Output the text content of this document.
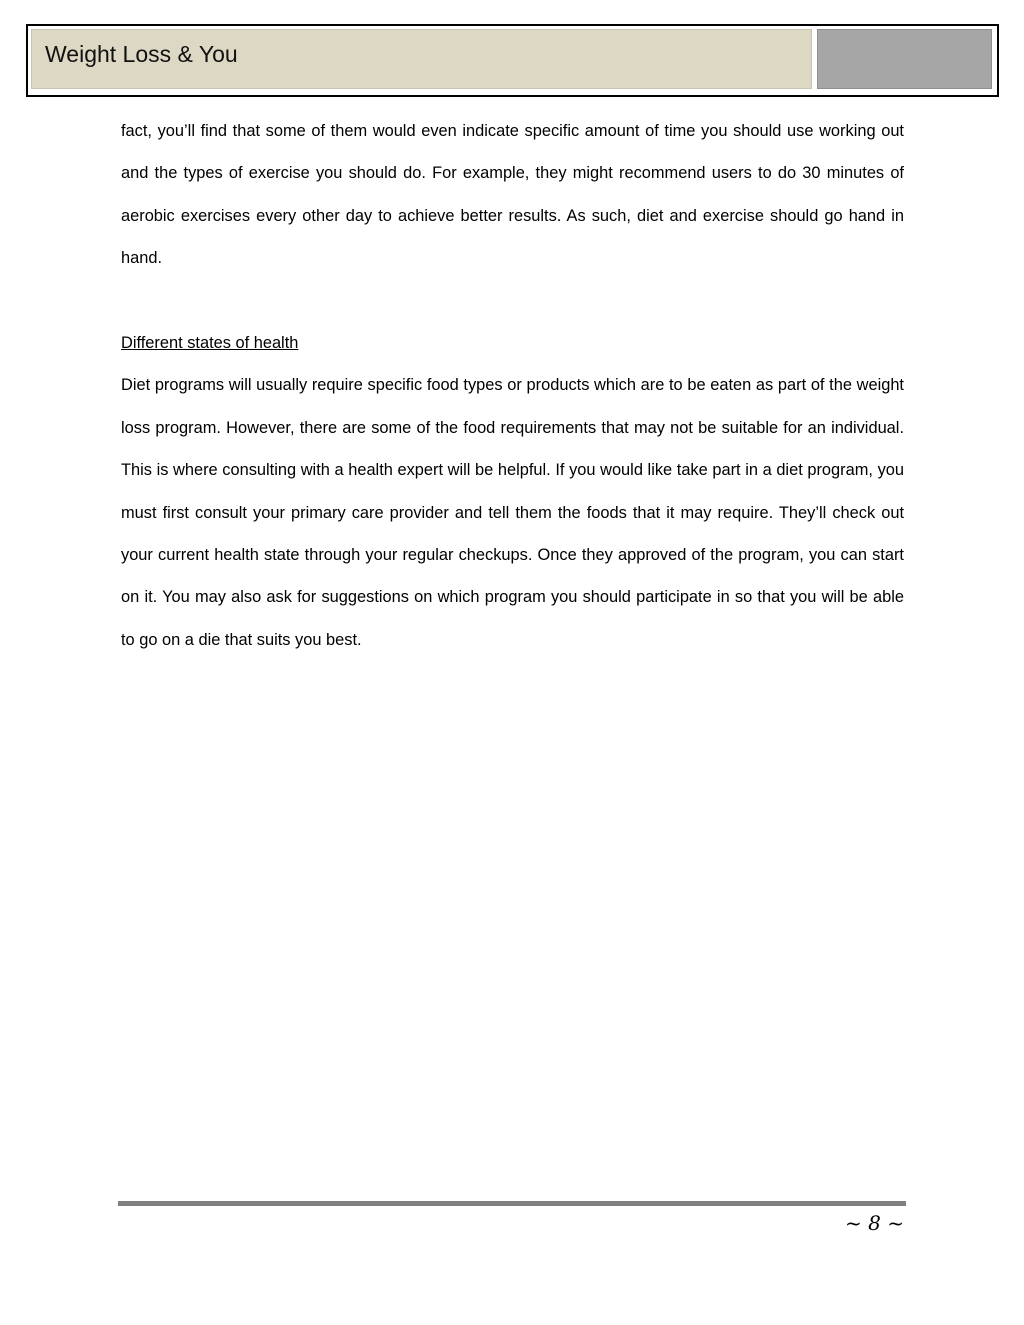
Weight Loss & You

fact, you’ll find that some of them would even indicate specific amount of time you should use working out and the types of exercise you should do. For example, they might recommend users to do 30 minutes of aerobic exercises every other day to achieve better results. As such, diet and exercise should go hand in hand.

Different states of health

Diet programs will usually require specific food types or products which are to be eaten as part of the weight loss program. However, there are some of the food requirements that may not be suitable for an individual. This is where consulting with a health expert will be helpful. If you would like take part in a diet program, you must first consult your primary care provider and tell them the foods that it may require. They’ll check out your current health state through your regular checkups. Once they approved of the program, you can start on it. You may also ask for suggestions on which program you should participate in so that you will be able to go on a die that suits you best.

~ 8 ~
